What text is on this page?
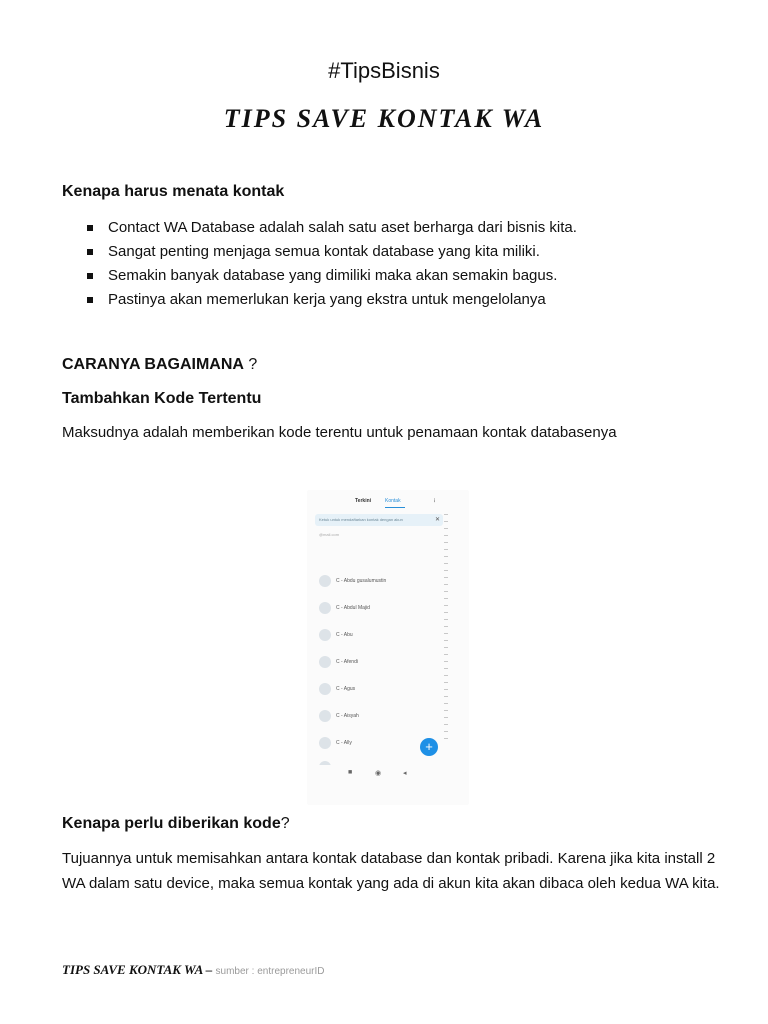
#TipsBisnis
TIPS SAVE KONTAK WA
Kenapa harus menata kontak
Contact WA Database adalah salah satu aset berharga dari bisnis kita.
Sangat penting menjaga semua kontak database yang kita miliki.
Semakin banyak database yang dimiliki maka akan semakin bagus.
Pastinya akan memerlukan kerja yang ekstra untuk mengelolanya
CARANYA BAGAIMANA ?
Tambahkan Kode Tertentu
Maksudnya adalah memberikan kode terentu untuk penamaan kontak databasenya
Terkini	Kontak	⋮
Ketuk untuk mendaftarkan kontak dengan akun	✕
@mail.com
C - Abdu gusalumustin
C - Abdul Majid
C - Abu
C - Afendi
C - Agus
C - Aisyah
C - Ally	+
■	◉	◂
Kenapa perlu diberikan kode?
Tujuannya untuk memisahkan antara kontak database dan kontak pribadi. Karena jika kita install 2 WA dalam satu device, maka semua kontak yang ada di akun kita akan dibaca oleh kedua WA kita.
TIPS SAVE KONTAK WA – sumber : entrepreneurID
